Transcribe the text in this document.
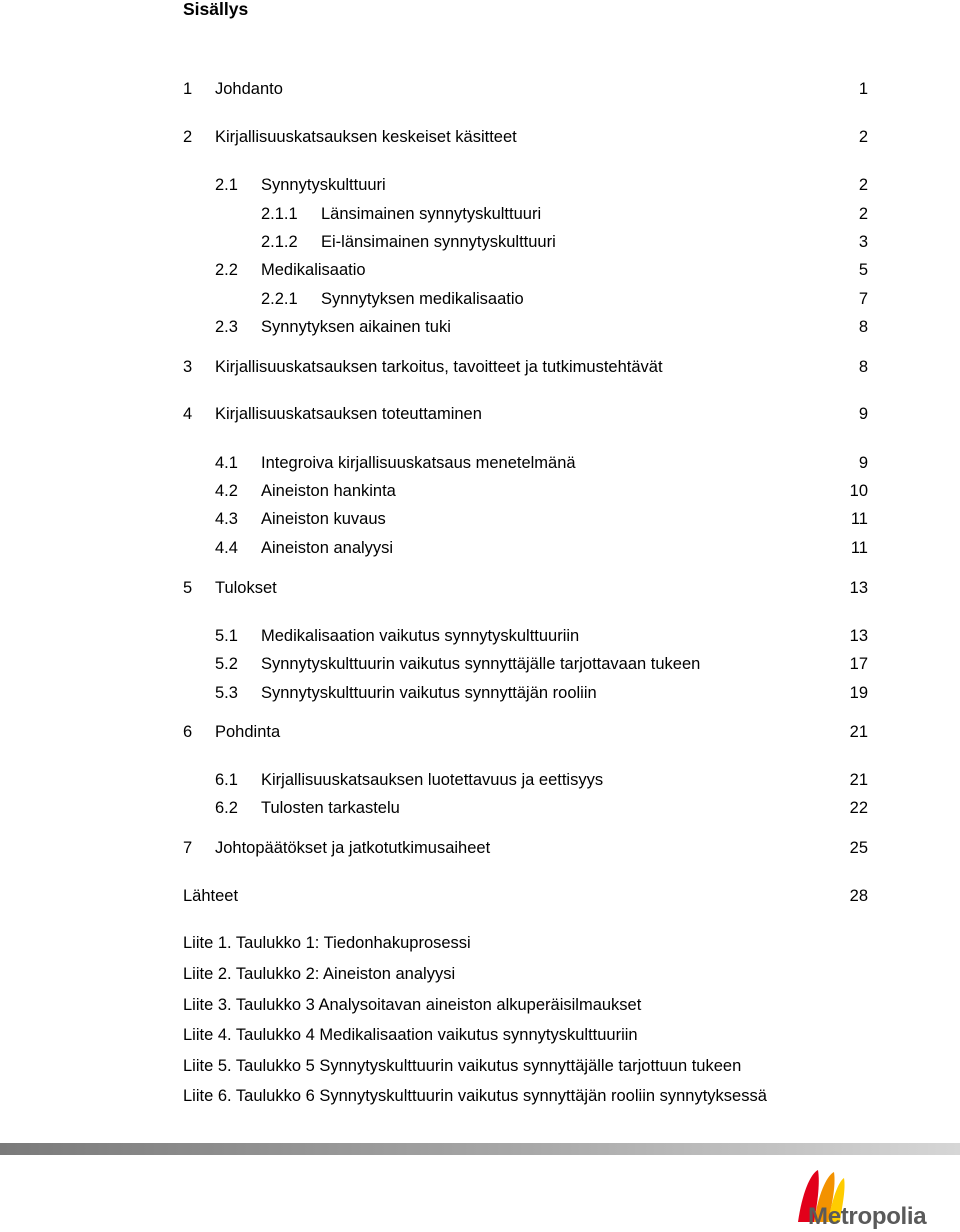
Sisällys
1 Johdanto	1
2 Kirjallisuuskatsauksen keskeiset käsitteet	2
2.1 Synnytyskulttuuri	2
2.1.1 Länsimainen synnytyskulttuuri	2
2.1.2 Ei-länsimainen synnytyskulttuuri	3
2.2 Medikalisaatio	5
2.2.1 Synnytyksen medikalisaatio	7
2.3 Synnytyksen aikainen tuki	8
3 Kirjallisuuskatsauksen tarkoitus, tavoitteet ja tutkimustehtävät	8
4 Kirjallisuuskatsauksen toteuttaminen	9
4.1 Integroiva kirjallisuuskatsaus menetelmänä	9
4.2 Aineiston hankinta	10
4.3 Aineiston kuvaus	11
4.4 Aineiston analyysi	11
5 Tulokset	13
5.1 Medikalisaation vaikutus synnytyskulttuuriin	13
5.2 Synnytyskulttuurin vaikutus synnyttäjälle tarjottavaan tukeen	17
5.3 Synnytyskulttuurin vaikutus synnyttäjän rooliin	19
6 Pohdinta	21
6.1 Kirjallisuuskatsauksen luotettavuus ja eettisyys	21
6.2 Tulosten tarkastelu	22
7 Johtopäätökset ja jatkotutkimusaiheet	25
Lähteet	28
Liite 1. Taulukko 1: Tiedonhakuprosessi
Liite 2. Taulukko 2: Aineiston analyysi
Liite 3. Taulukko 3 Analysoitavan aineiston alkuperäisilmaukset
Liite 4. Taulukko 4 Medikalisaation vaikutus synnytyskulttuuriin
Liite 5. Taulukko 5 Synnytyskulttuurin vaikutus synnyttäjälle tarjottuun tukeen
Liite 6. Taulukko 6 Synnytyskulttuurin vaikutus synnyttäjän rooliin synnytyksessä
Metropolia
